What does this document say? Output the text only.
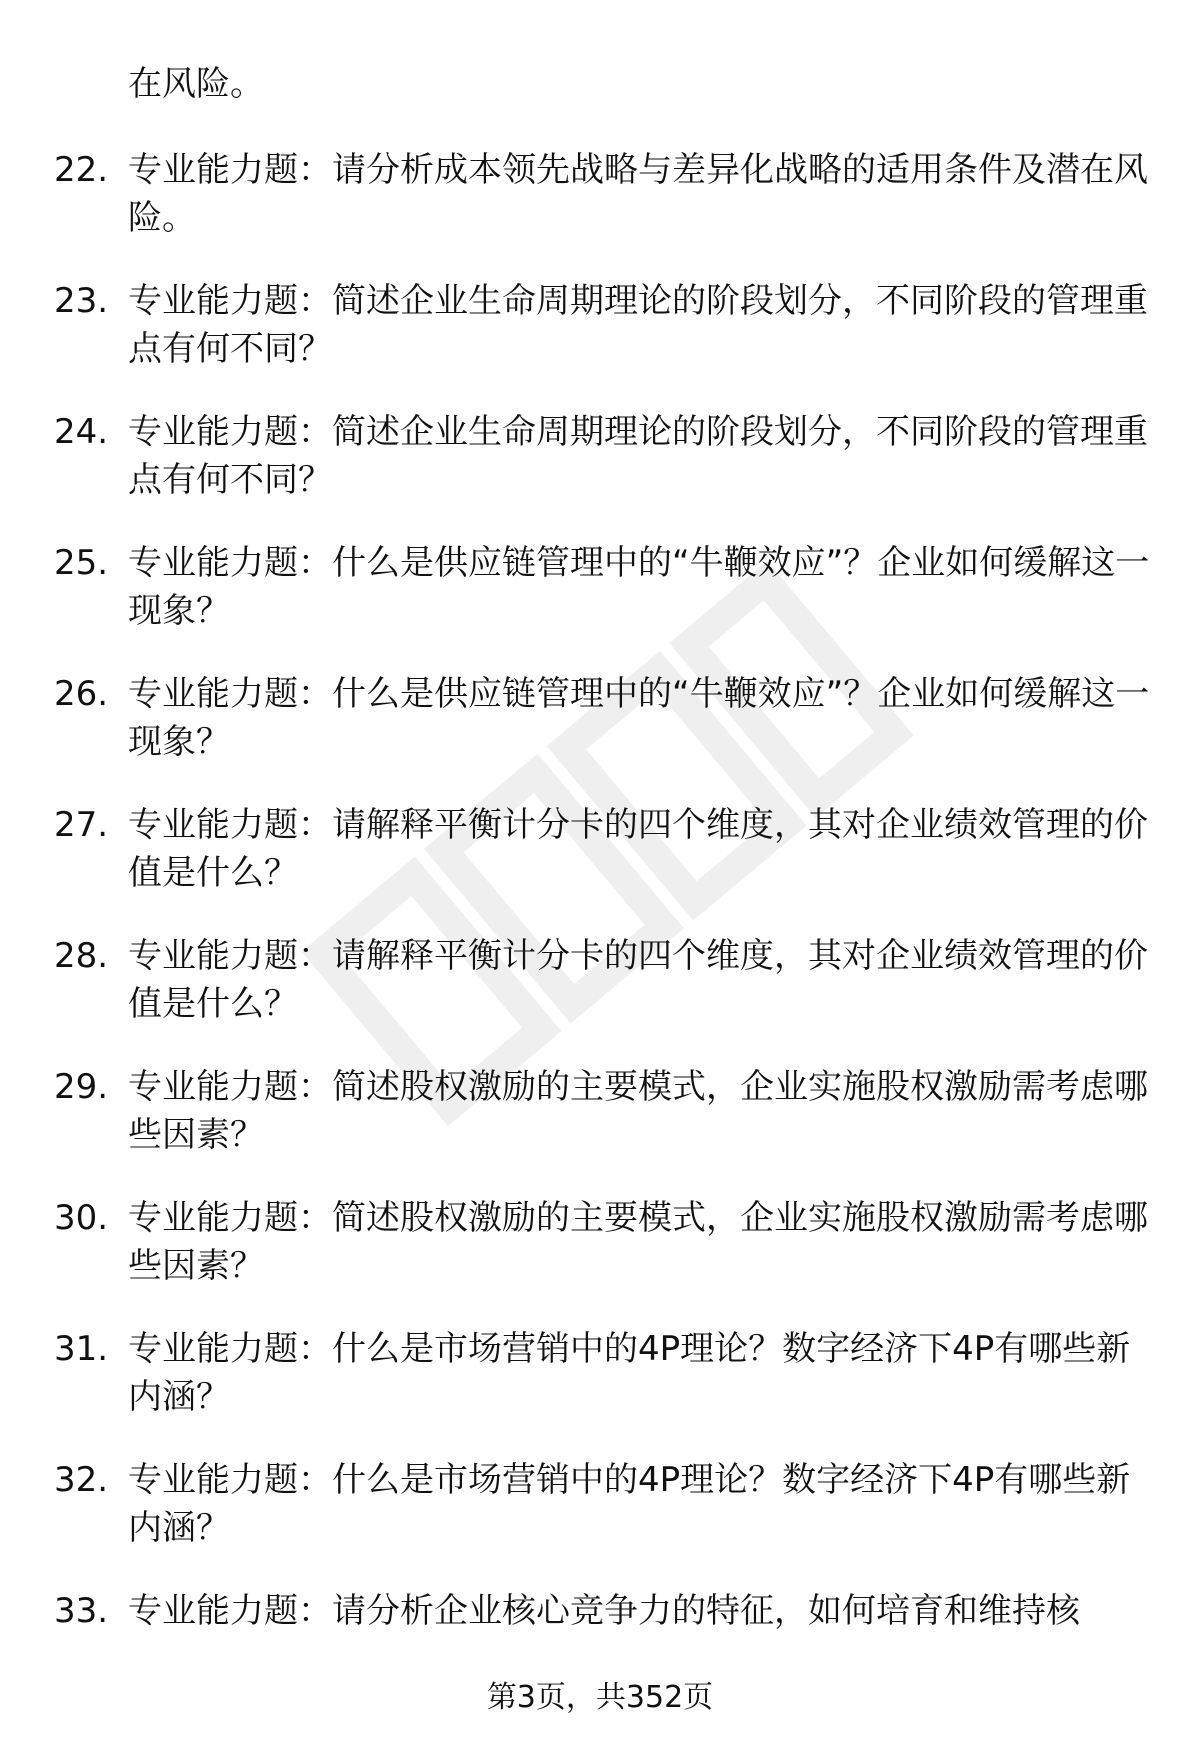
在风险。
22. 专业能力题：请分析成本领先战略与差异化战略的适用条件及潜在风险。
23. 专业能力题：简述企业生命周期理论的阶段划分，不同阶段的管理重点有何不同？
24. 专业能力题：简述企业生命周期理论的阶段划分，不同阶段的管理重点有何不同？
25. 专业能力题：什么是供应链管理中的“牛鞭效应”？企业如何缓解这一现象？
26. 专业能力题：什么是供应链管理中的“牛鞭效应”？企业如何缓解这一现象？
27. 专业能力题：请解释平衡计分卡的四个维度，其对企业绩效管理的价值是什么？
28. 专业能力题：请解释平衡计分卡的四个维度，其对企业绩效管理的价值是什么？
29. 专业能力题：简述股权激励的主要模式，企业实施股权激励需考虑哪些因素？
30. 专业能力题：简述股权激励的主要模式，企业实施股权激励需考虑哪些因素？
31. 专业能力题：什么是市场营销中的4P理论？数字经济下4P有哪些新内涵？
32. 专业能力题：什么是市场营销中的4P理论？数字经济下4P有哪些新内涵？
33. 专业能力题：请分析企业核心竞争力的特征，如何培育和维持核
第3页，共352页
